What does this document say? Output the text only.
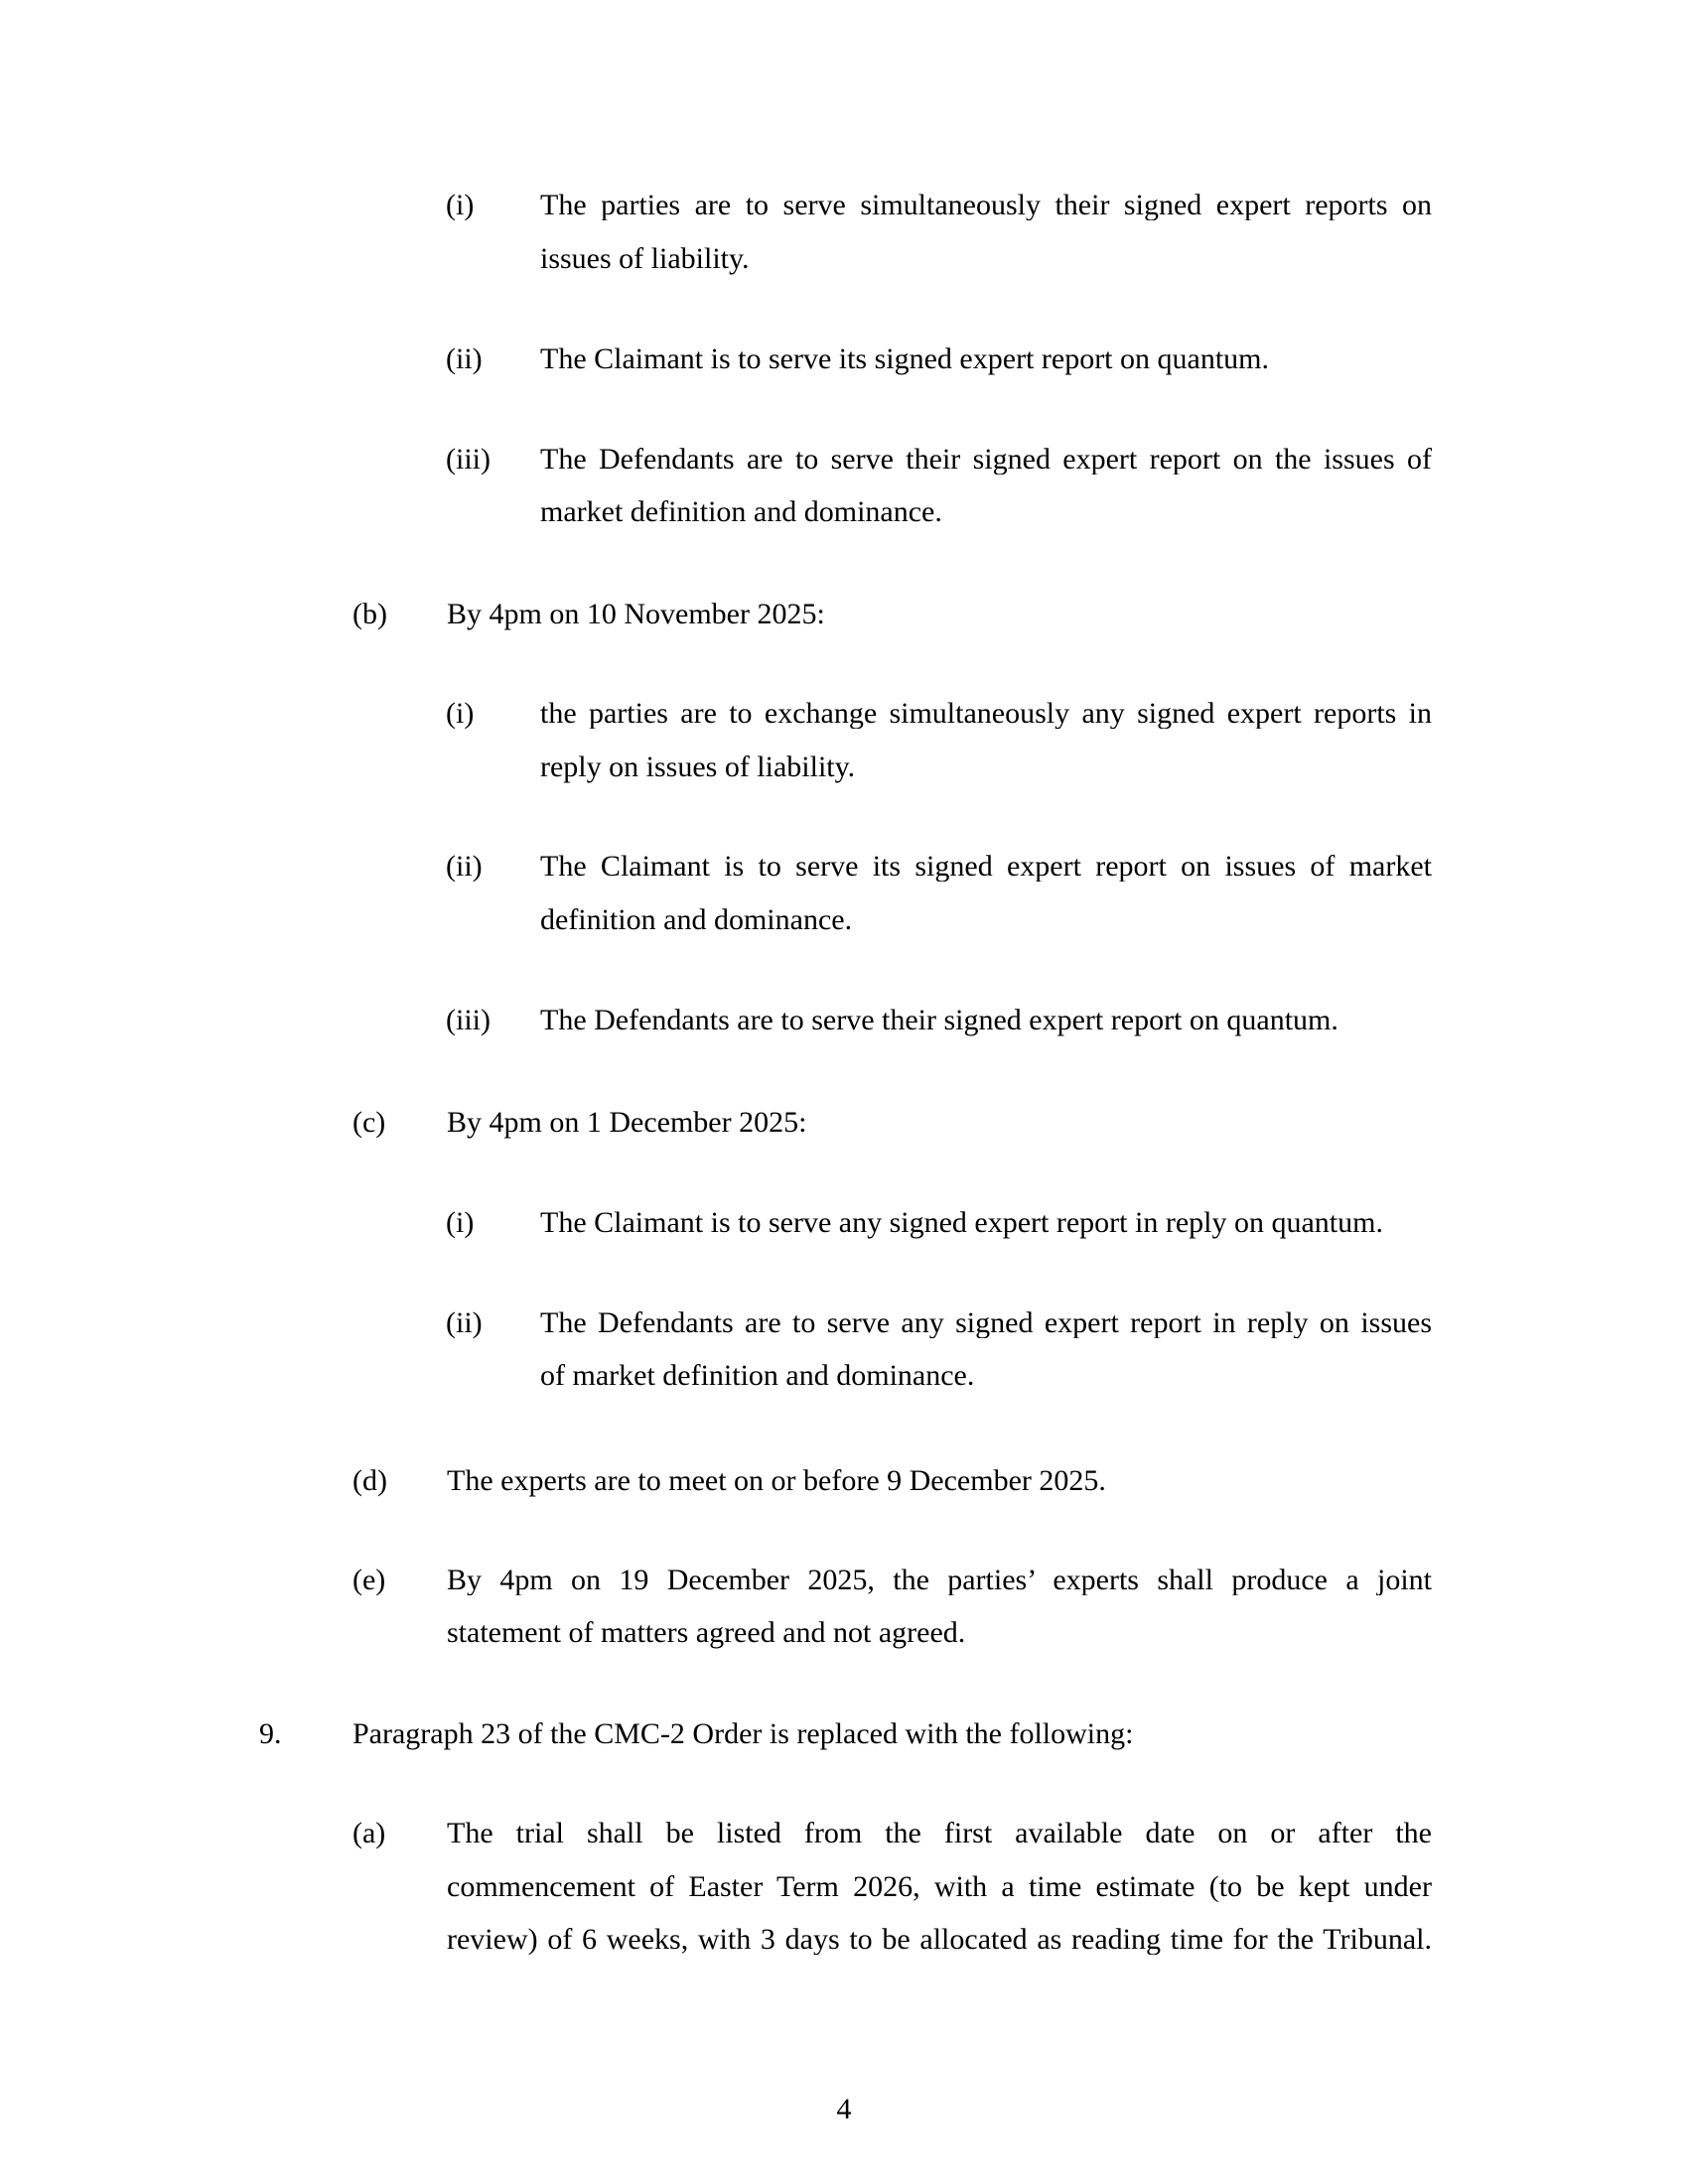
(i) The parties are to serve simultaneously their signed expert reports on
issues of liability.
(ii) The Claimant is to serve its signed expert report on quantum.
(iii) The Defendants are to serve their signed expert report on the issues of
market definition and dominance.
(b) By 4pm on 10 November 2025:
(i) the parties are to exchange simultaneously any signed expert reports in
reply on issues of liability.
(ii) The Claimant is to serve its signed expert report on issues of market
definition and dominance.
(iii) The Defendants are to serve their signed expert report on quantum.
(c) By 4pm on 1 December 2025:
(i) The Claimant is to serve any signed expert report in reply on quantum.
(ii) The Defendants are to serve any signed expert report in reply on issues
of market definition and dominance.
(d) The experts are to meet on or before 9 December 2025.
(e) By 4pm on 19 December 2025, the parties’ experts shall produce a joint
statement of matters agreed and not agreed.
9. Paragraph 23 of the CMC-2 Order is replaced with the following:
(a) The trial shall be listed from the first available date on or after the
commencement of Easter Term 2026, with a time estimate (to be kept under
review) of 6 weeks, with 3 days to be allocated as reading time for the Tribunal.
4
